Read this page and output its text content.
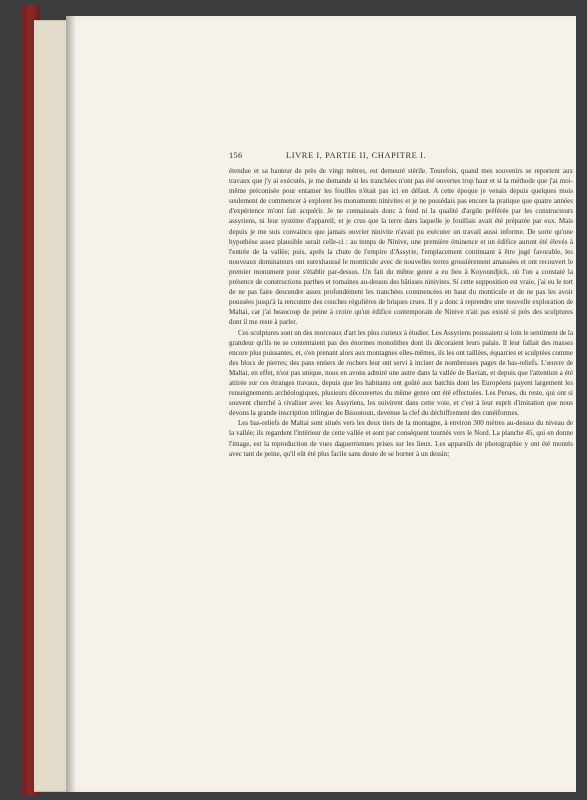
156	LIVRE I, PARTIE II, CHAPITRE I.

étendue et sa hauteur de près de vingt mètres, est demeuré stérile. Toutefois, quand mes souvenirs se reportent aux travaux que j'y ai exécutés, je me demande si les tranchées n'ont pas été ouvertes trop haut et si la méthode que j'ai moi-même préconisée pour entamer les fouilles n'était pas ici en défaut. A cette époque je venais depuis quelques mois seulement de commencer à explorer les monuments ninivites et je ne possédais pas encore la pratique que quatre années d'expérience m'ont fait acquérir. Je ne connaissais donc à fond ni la qualité d'argile préférée par les constructeurs assyriens, ni leur système d'appareil, et je crus que la terre dans laquelle je fouillais avait été préparée par eux. Mais depuis je me suis convaincu que jamais ouvrier ninivite n'avait pu exécuter un travail aussi informe. De sorte qu'une hypothèse assez plausible serait celle-ci : au temps de Ninive, une première éminence et un édifice auront été élevés à l'entrée de la vallée; puis, après la chute de l'empire d'Assyrie, l'emplacement continuant à être jugé favorable, les nouveaux dominateurs ont surexhaussé le monticule avec de nouvelles terres grossièrement amassées et ont recouvert le premier monument pour s'établir par-dessus. Un fait du même genre a eu lieu à Koyoundjick, où l'on a constaté la présence de constructions parthes et romaines au-dessus des bâtisses ninivites. Si cette supposition est vraie, j'ai eu le tort de ne pas faire descendre assez profondément les tranchées commencées en haut du monticule et de ne pas les avoir poussées jusqu'à la rencontre des couches régulières de briques crues. Il y a donc à reprendre une nouvelle exploration de Maltai, car j'ai beaucoup de peine à croire qu'un édifice contemporain de Ninive n'ait pas existé si près des sculptures dont il me reste à parler.

Ces sculptures sont un des morceaux d'art les plus curieux à étudier. Les Assyriens poussaient si loin le sentiment de la grandeur qu'ils ne se contentaient pas des énormes monolithes dont ils décoraient leurs palais. Il leur fallait des masses encore plus puissantes, et, s'en prenant alors aux montagnes elles-mêmes, ils les ont taillées, équarries et sculptées comme des blocs de pierres; des pans entiers de rochers leur ont servi à inciser de nombreuses pages de bas-reliefs. L'œuvre de Maltai, en effet, n'est pas unique, nous en avons admiré une autre dans la vallée de Bavian, et depuis que l'attention a été attirée sur ces étranges travaux, depuis que les habitants ont goûté aux batchis dont les Européens payent largement les renseignements archéologiques, plusieurs découvertes du même genre ont été effectuées. Les Perses, du reste, qui ont si souvent cherché à rivaliser avec les Assyriens, les suivirent dans cette voie, et c'est à leur esprit d'imitation que nous devons la grande inscription trilingue de Bisoutoun, devenue la clef du déchiffrement des cunéiformes.

Les bas-reliefs de Maltai sont situés vers les deux tiers de la montagne, à environ 300 mètres au-dessus du niveau de la vallée; ils regardent l'intérieur de cette vallée et sont par conséquent tournés vers le Nord. La planche 45, qui en donne l'image, est la reproduction de vues daguerriennes prises sur les lieux. Les appareils de photographie y ont été montés avec tant de peine, qu'il eût été plus facile sans doute de se borner à un dessin;
